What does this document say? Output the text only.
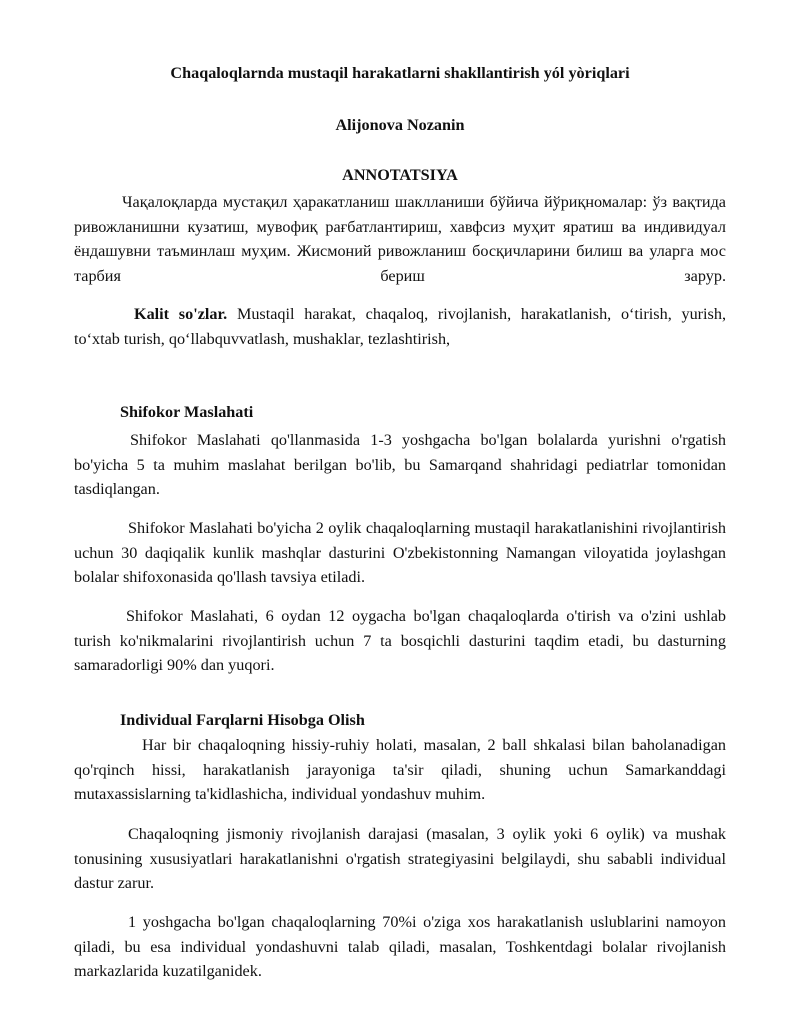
Chaqaloqlarnda mustaqil harakatlarni shakllantirish yól yòriqlari
Alijonova Nozanin
ANNOTATSIYA

Чақалоқларда мустақил ҳаракатланиш шаклланиши бўйича йўриқномалар: ўз вақтида ривожланишни кузатиш, мувофиқ рағбатлантириш, хавфсиз муҳит яратиш ва индивидуал ёндашувни таъминлаш муҳим. Жисмоний ривожланиш босқичларини билиш ва уларга мос тарбия бериш зарур.

Kalit so'zlar. Mustaqil harakat, chaqaloq, rivojlanish, harakatlanish, oʻtirish, yurish, toʻxtab turish, qoʻllabquvvatlash, mushaklar, tezlashtirish,

Shifokor Maslahati

Shifokor Maslahati qo'llanmasida 1-3 yoshgacha bo'lgan bolalarda yurishni o'rgatish bo'yicha 5 ta muhim maslahat berilgan bo'lib, bu Samarqand shahridagi pediatrlar tomonidan tasdiqlangan.

Shifokor Maslahati bo'yicha 2 oylik chaqaloqlarning mustaqil harakatlanishini rivojlantirish uchun 30 daqiqalik kunlik mashqlar dasturini O'zbekistonning Namangan viloyatida joylashgan bolalar shifoxonasida qo'llash tavsiya etiladi.

Shifokor Maslahati, 6 oydan 12 oygacha bo'lgan chaqaloqlarda o'tirish va o'zini ushlab turish ko'nikmalarini rivojlantirish uchun 7 ta bosqichli dasturini taqdim etadi, bu dasturning samaradorligi 90% dan yuqori.

Individual Farqlarni Hisobga Olish

Har bir chaqaloqning hissiy-ruhiy holati, masalan, 2 ball shkalasi bilan baholanadigan qo'rqinch hissi, harakatlanish jarayoniga ta'sir qiladi, shuning uchun Samarkanddagi mutaxassislarning ta'kidlashicha, individual yondashuv muhim.

Chaqaloqning jismoniy rivojlanish darajasi (masalan, 3 oylik yoki 6 oylik) va mushak tonusining xususiyatlari harakatlanishni o'rgatish strategiyasini belgilaydi, shu sababli individual dastur zarur.

1 yoshgacha bo'lgan chaqaloqlarning 70%i o'ziga xos harakatlanish uslublarini namoyon qiladi, bu esa individual yondashuvni talab qiladi, masalan, Toshkentdagi bolalar rivojlanish markazlarida kuzatilganidek.
